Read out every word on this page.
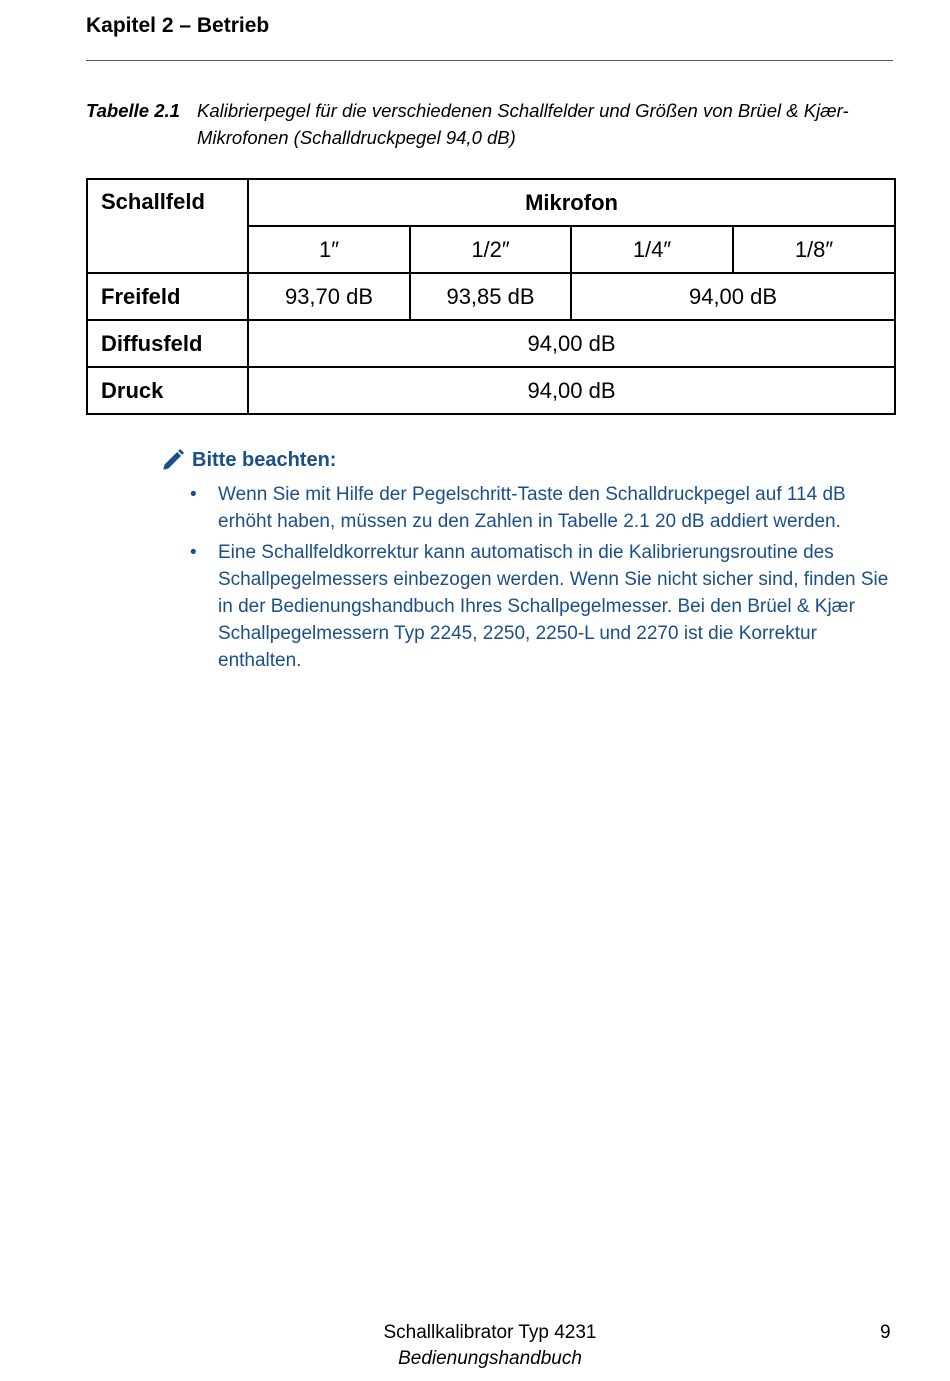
Kapitel 2 – Betrieb
Tabelle 2.1 Kalibrierpegel für die verschiedenen Schallfelder und Größen von Brüel & Kjær-Mikrofonen (Schalldruckpegel 94,0 dB)
Schallfeld	Mikrofon			
	1″	1/2″	1/4″	1/8″
Freifeld	93,70 dB	93,85 dB	94,00 dB	
Diffusfeld	94,00 dB			
Druck	94,00 dB			
Bitte beachten:
• Wenn Sie mit Hilfe der Pegelschritt-Taste den Schalldruckpegel auf 114 dB erhöht haben, müssen zu den Zahlen in Tabelle 2.1 20 dB addiert werden.
• Eine Schallfeldkorrektur kann automatisch in die Kalibrierungsroutine des Schallpegelmessers einbezogen werden. Wenn Sie nicht sicher sind, finden Sie in der Bedienungshandbuch Ihres Schallpegelmesser. Bei den Brüel & Kjær Schallpegelmessern Typ 2245, 2250, 2250-L und 2270 ist die Korrektur enthalten.
Schallkalibrator Typ 4231
Bedienungshandbuch
9
